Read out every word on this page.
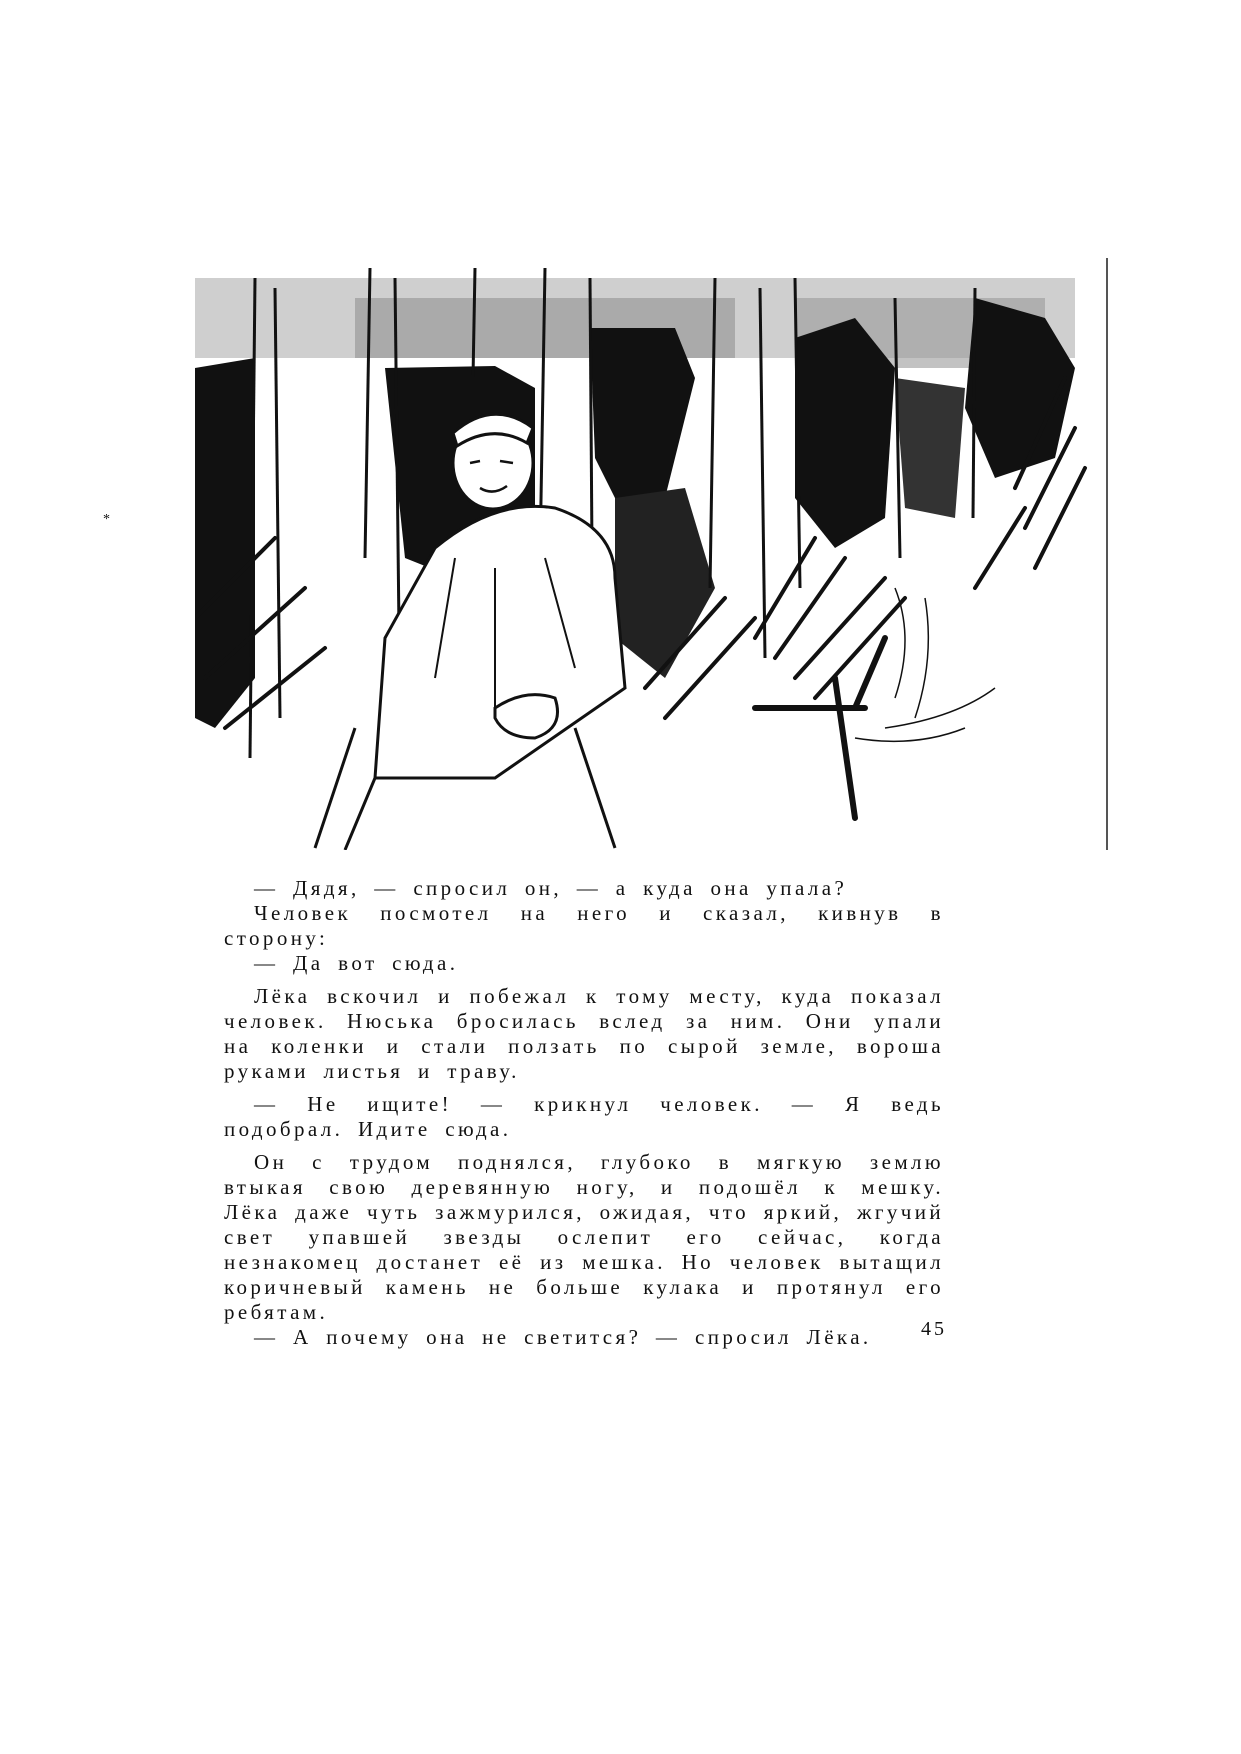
*

— Дядя, — спросил он, — а куда она упала?

Человек посмотел на него и сказал, кивнув в сторону:

— Да вот сюда.

Лёка вскочил и побежал к тому месту, куда показал человек. Нюська бросилась вслед за ним. Они упали на коленки и стали ползать по сырой земле, вороша руками листья и траву.

— Не ищите! — крикнул человек. — Я ведь подобрал. Идите сюда.

Он с трудом поднялся, глубоко в мягкую землю втыкая свою деревянную ногу, и подошёл к мешку. Лёка даже чуть зажмурился, ожидая, что яркий, жгучий свет упавшей звезды ослепит его сейчас, когда незнакомец достанет её из мешка. Но человек вытащил коричневый камень не больше кулака и протянул его ребятам.

— А почему она не светится? — спросил Лёка.	45
